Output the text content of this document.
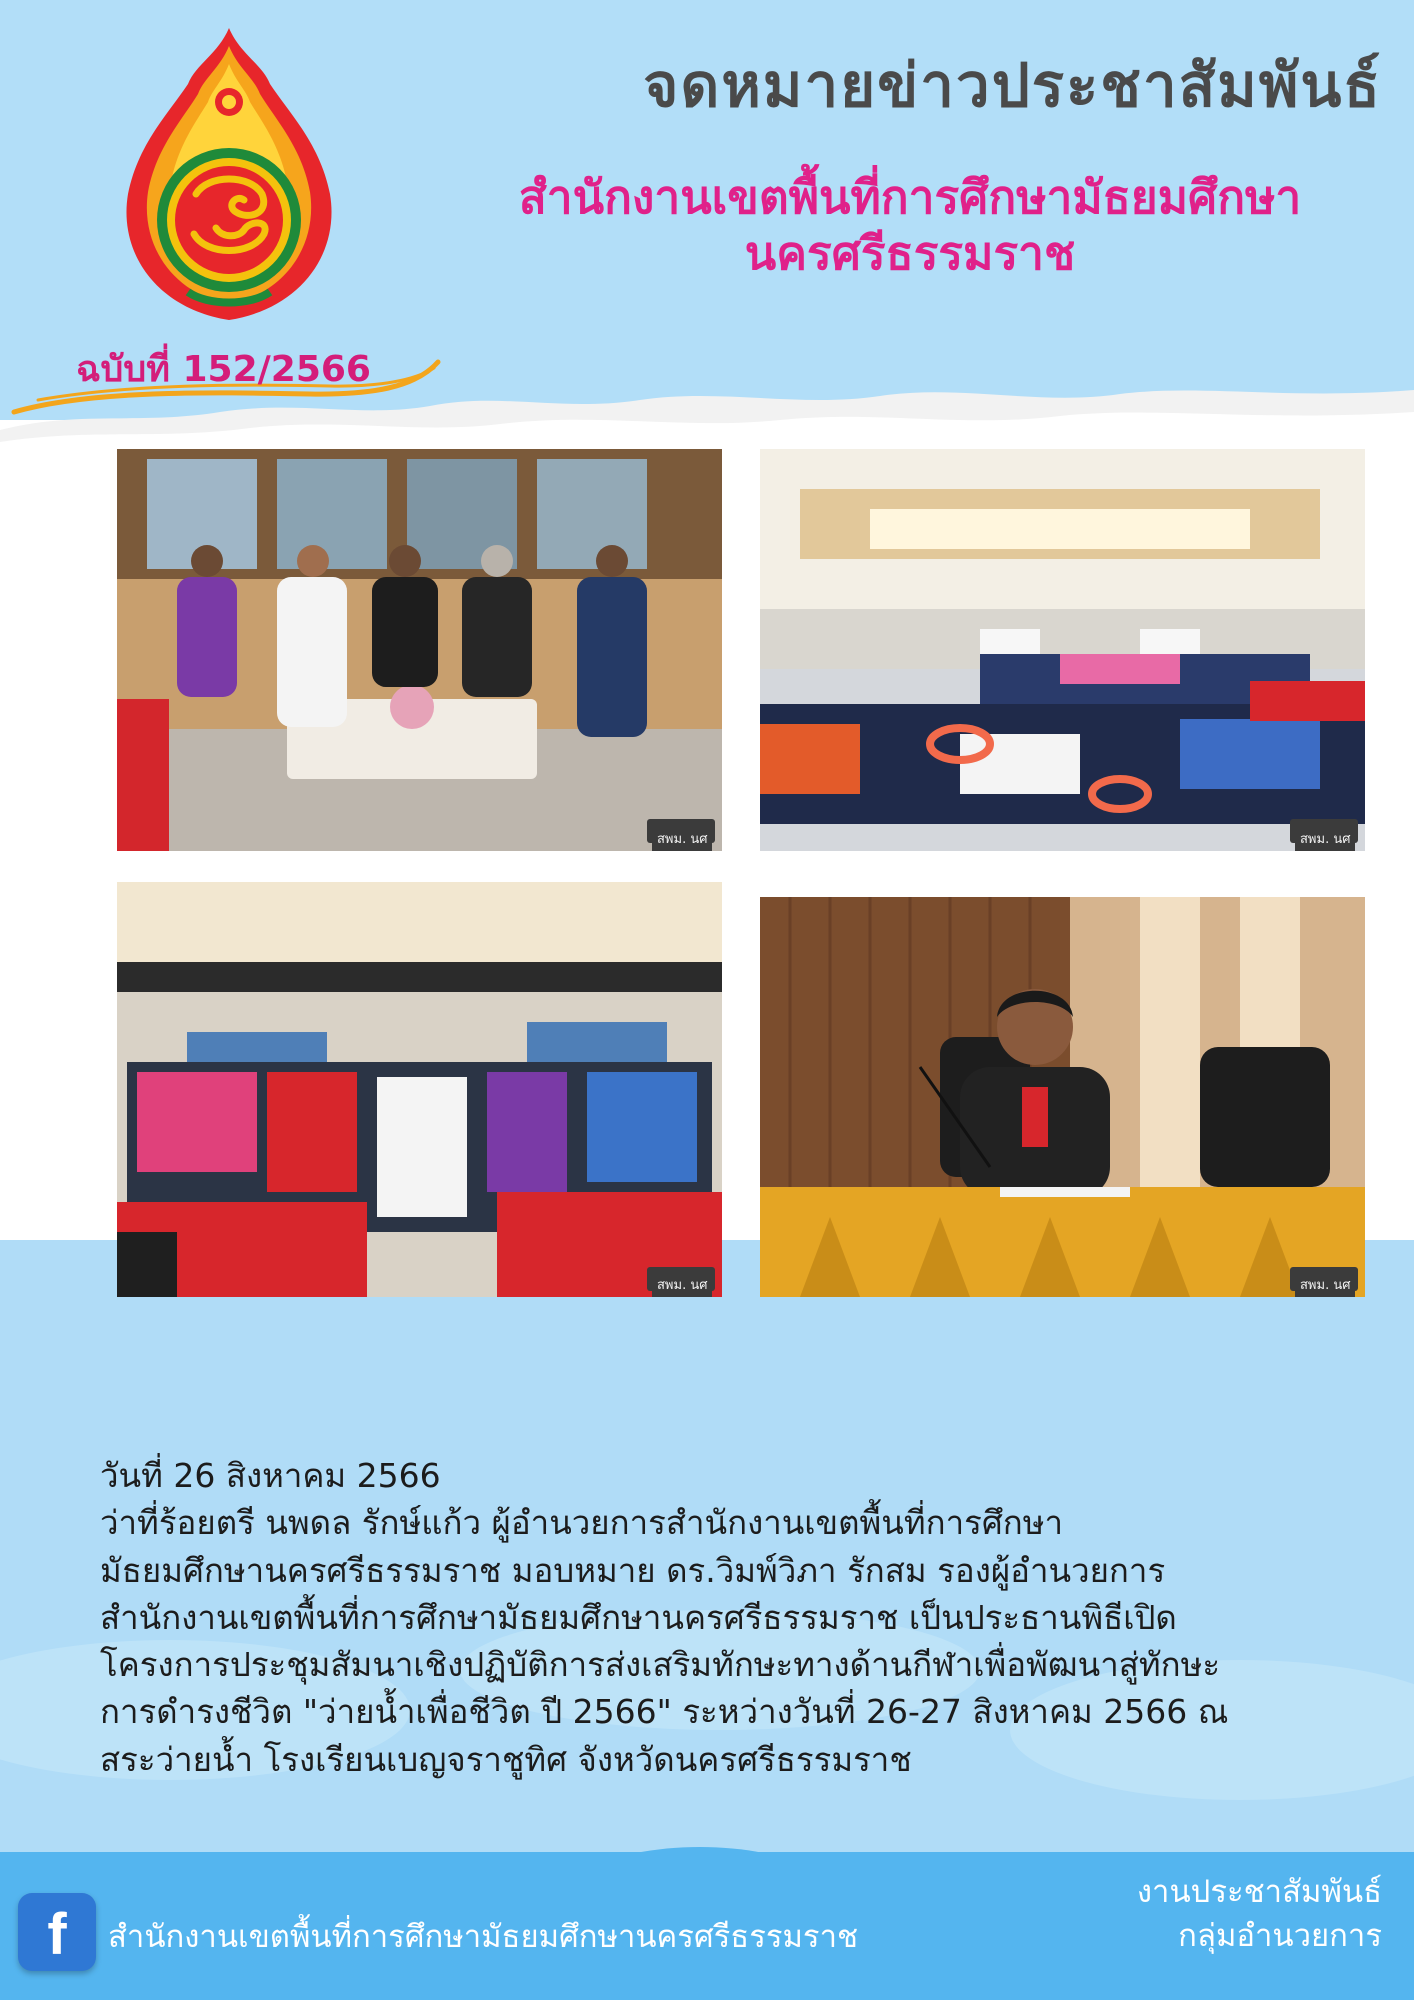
จดหมายข่าวประชาสัมพันธ์
สำนักงานเขตพื้นที่การศึกษามัธยมศึกษา
นครศรีธรรมราช
ฉบับที่ 152/2566
สพม. นศ	สพม. นศ
สพม. นศ	สพม. นศ
วันที่ 26 สิงหาคม 2566
ว่าที่ร้อยตรี นพดล รักษ์แก้ว ผู้อำนวยการสำนักงานเขตพื้นที่การศึกษา
มัธยมศึกษานครศรีธรรมราช มอบหมาย ดร.วิมพ์วิภา รักสม รองผู้อำนวยการ
สำนักงานเขตพื้นที่การศึกษามัธยมศึกษานครศรีธรรมราช เป็นประธานพิธีเปิด
โครงการประชุมสัมนาเชิงปฏิบัติการส่งเสริมทักษะทางด้านกีฬาเพื่อพัฒนาสู่ทักษะ
การดำรงชีวิต "ว่ายน้ำเพื่อชีวิต ปี 2566" ระหว่างวันที่ 26-27 สิงหาคม 2566 ณ
สระว่ายน้ำ โรงเรียนเบญจราชูทิศ จังหวัดนครศรีธรรมราช
f	สำนักงานเขตพื้นที่การศึกษามัธยมศึกษานครศรีธรรมราช
งานประชาสัมพันธ์
กลุ่มอำนวยการ
